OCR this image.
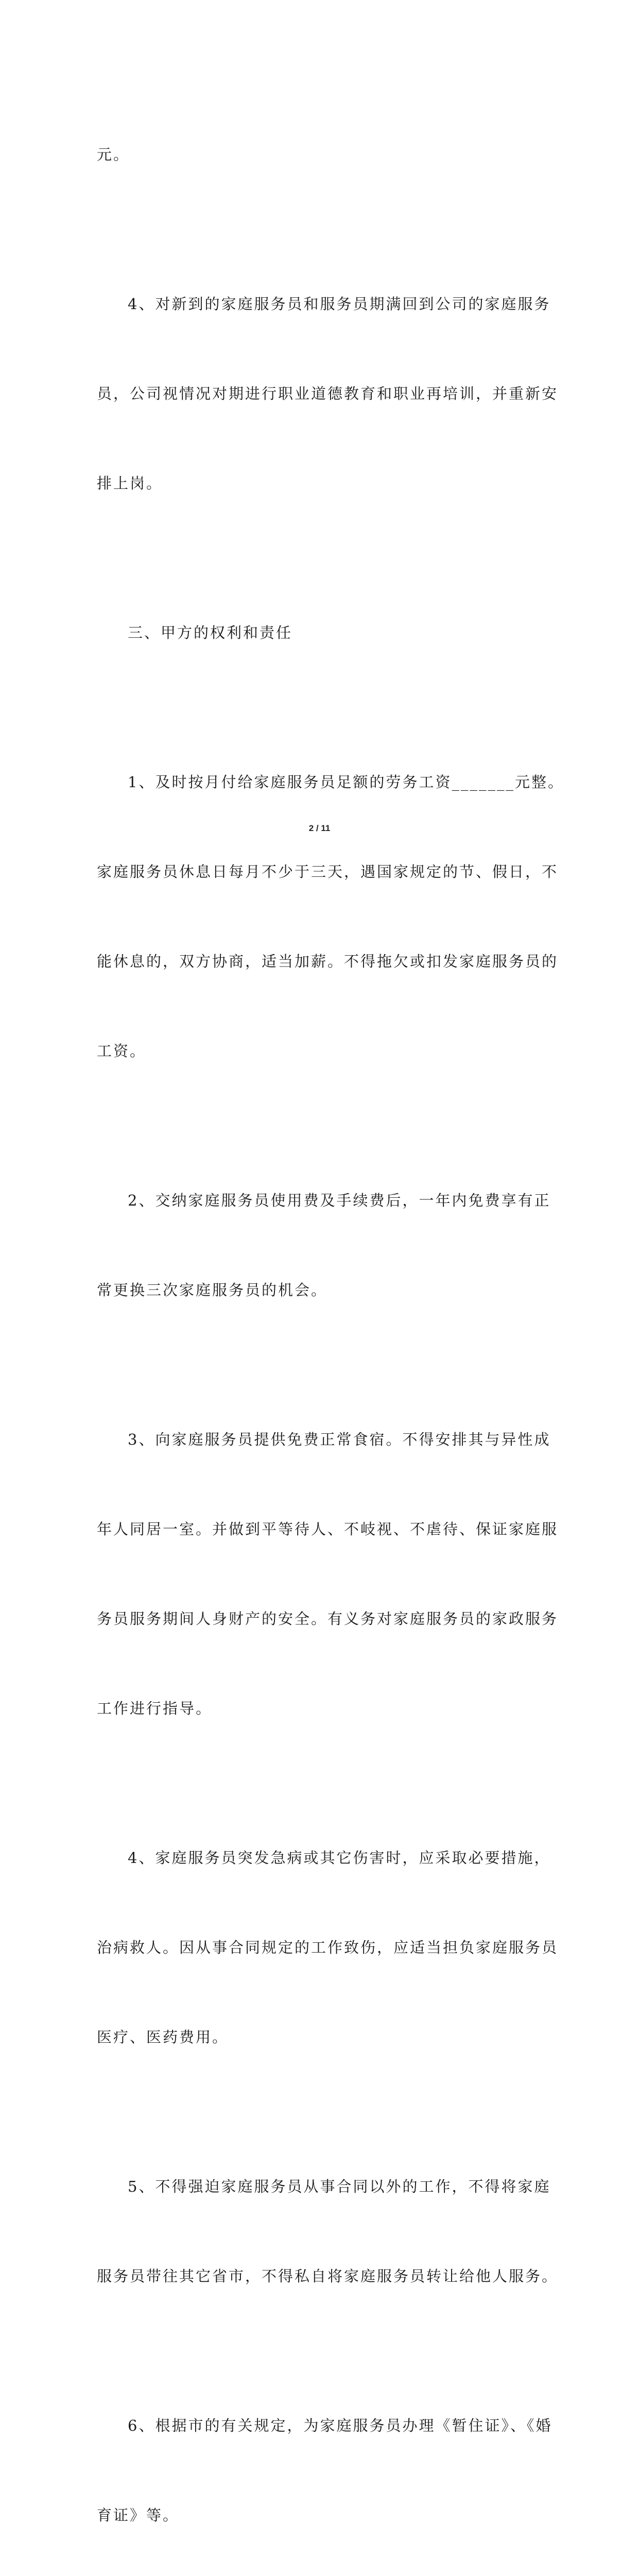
元。

4、对新到的家庭服务员和服务员期满回到公司的家庭服务

员，公司视情况对期进行职业道德教育和职业再培训，并重新安

排上岗。

三、甲方的权利和责任

1、及时按月付给家庭服务员足额的劳务工资_______元整。

家庭服务员休息日每月不少于三天，遇国家规定的节、假日，不

能休息的，双方协商，适当加薪。不得拖欠或扣发家庭服务员的

工资。

2、交纳家庭服务员使用费及手续费后，一年内免费享有正

常更换三次家庭服务员的机会。

3、向家庭服务员提供免费正常食宿。不得安排其与异性成

年人同居一室。并做到平等待人、不岐视、不虐待、保证家庭服

务员服务期间人身财产的安全。有义务对家庭服务员的家政服务

工作进行指导。

4、家庭服务员突发急病或其它伤害时，应采取必要措施，

治病救人。因从事合同规定的工作致伤，应适当担负家庭服务员

医疗、医药费用。

5、不得强迫家庭服务员从事合同以外的工作，不得将家庭

服务员带往其它省市，不得私自将家庭服务员转让给他人服务。

6、根据市的有关规定，为家庭服务员办理《暂住证》、《婚

育证》等。

2 / 11
